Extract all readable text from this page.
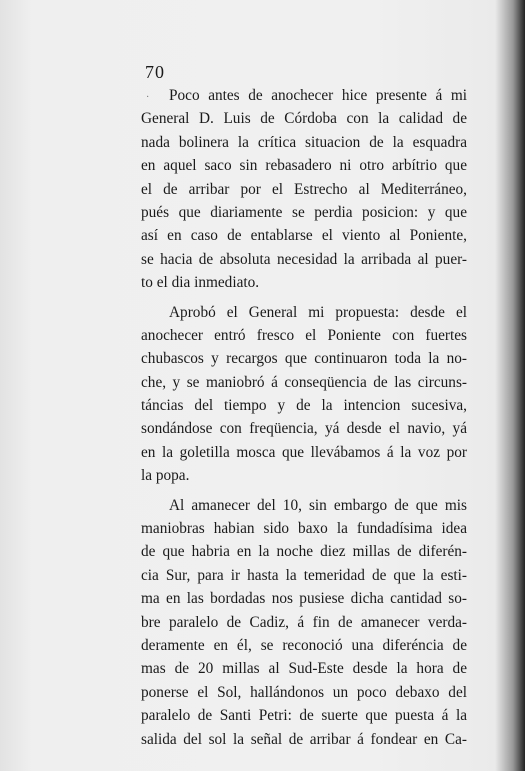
70
·	Poco antes de anochecer hice presente á mi
General D. Luis de Córdoba con la calidad de
nada bolinera la crítica situacion de la esquadra
en aquel saco sin rebasadero ni otro arbítrio que
el de arribar por el Estrecho al Mediterráneo,
pués que diariamente se perdia posicion: y que
así en caso de entablarse el viento al Poniente,
se hacia de absoluta necesidad la arribada al puer-
to el dia inmediato.
Aprobó el General mi propuesta: desde el
anochecer entró fresco el Poniente con fuertes
chubascos y recargos que continuaron toda la no-
che, y se maniobró á conseqüencia de las circuns-
táncias del tiempo y de la intencion sucesiva,
sondándose con freqüencia, yá desde el navio, yá
en la goletilla mosca que llevábamos á la voz por
la popa.
Al amanecer del 10, sin embargo de que mis
maniobras habian sido baxo la fundadísima idea
de que habria en la noche diez millas de diferén-
cia Sur, para ir hasta la temeridad de que la esti-
ma en las bordadas nos pusiese dicha cantidad so-
bre paralelo de Cadiz, á fin de amanecer verda-
deramente en él, se reconoció una diferéncia de
mas de 20 millas al Sud-Este desde la hora de
ponerse el Sol, hallándonos un poco debaxo del
paralelo de Santi Petri: de suerte que puesta á la
salida del sol la señal de arribar á fondear en Ca-
